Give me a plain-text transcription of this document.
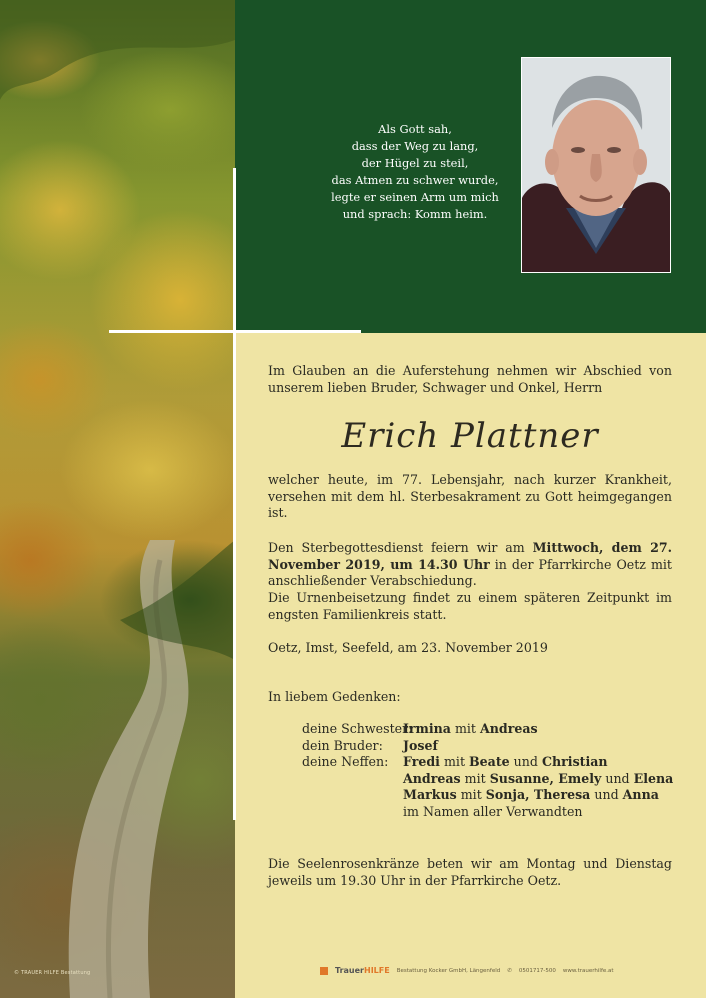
© TRAUER HILFE Bestattung
Als Gott sah,
dass der Weg zu lang,
der Hügel zu steil,
das Atmen zu schwer wurde,
legte er seinen Arm um mich
und sprach: Komm heim.
Im Glauben an die Auferstehung nehmen wir Abschied von unserem lieben Bruder, Schwager und Onkel, Herrn
Erich Plattner
welcher heute, im 77. Lebensjahr, nach kurzer Krankheit, versehen mit dem hl. Sterbesakrament zu Gott heimgegangen ist.
Den Sterbegottesdienst feiern wir am Mittwoch, dem 27. November 2019, um 14.30 Uhr in der Pfarrkirche Oetz mit anschließender Verabschiedung.
Die Urnenbeisetzung findet zu einem späteren Zeitpunkt im engsten Familienkreis statt.
Oetz, Imst, Seefeld, am 23. November 2019
In liebem Gedenken:
deine Schwester:
Irmina mit Andreas
dein Bruder:	Josef
deine Neffen:	Fredi mit Beate und Christian
Andreas mit Susanne, Emely und Elena
Markus mit Sonja, Theresa und Anna
im Namen aller Verwandten
Die Seelenrosenkränze beten wir am Montag und Dienstag jeweils um 19.30 Uhr in der Pfarrkirche Oetz.
TrauerHILFE Bestattung Kocker GmbH, Längenfeld ✆ 0501717-500 www.trauerhilfe.at
